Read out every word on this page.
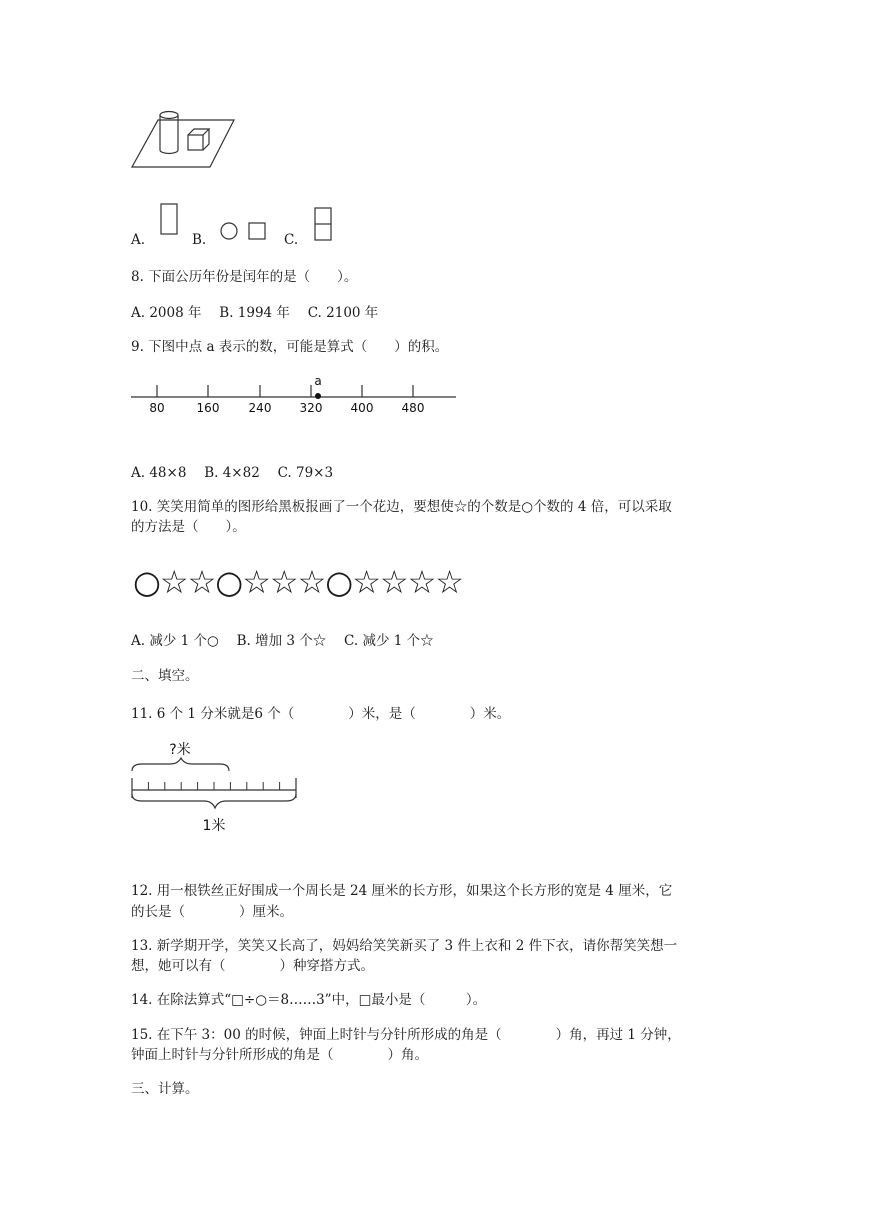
A.	B.	C.
8. 下面公历年份是闰年的是（　　）。
A. 2008 年　 B. 1994 年　 C. 2100 年
9. 下图中点 a 表示的数，可能是算式（　　）的积。
a
80	160 240 320 400 480
A. 48×8　 B. 4×82　 C. 79×3
10. 笑笑用简单的图形给黑板报画了一个花边，要想使☆的个数是○个数的 4 倍，可以采取
的方法是（　　）。
○☆☆○☆☆☆○☆☆☆☆
A. 减少 1 个○　 B. 增加 3 个☆　 C. 减少 1 个☆
二、填空。
11. 6 个 1 分米就是6 个（　　　　）米，是（　　　　）米。
?米
1米
12. 用一根铁丝正好围成一个周长是 24 厘米的长方形，如果这个长方形的宽是 4 厘米，它
的长是（　　　　）厘米。
13. 新学期开学，笑笑又长高了，妈妈给笑笑新买了 3 件上衣和 2 件下衣，请你帮笑笑想一
想，她可以有（　　　　）种穿搭方式。
14. 在除法算式“□÷○＝8……3”中，□最小是（　　　）。
15. 在下午 3：00 的时候，钟面上时针与分针所形成的角是（　　　　）角，再过 1 分钟，
钟面上时针与分针所形成的角是（　　　　）角。
三、计算。
